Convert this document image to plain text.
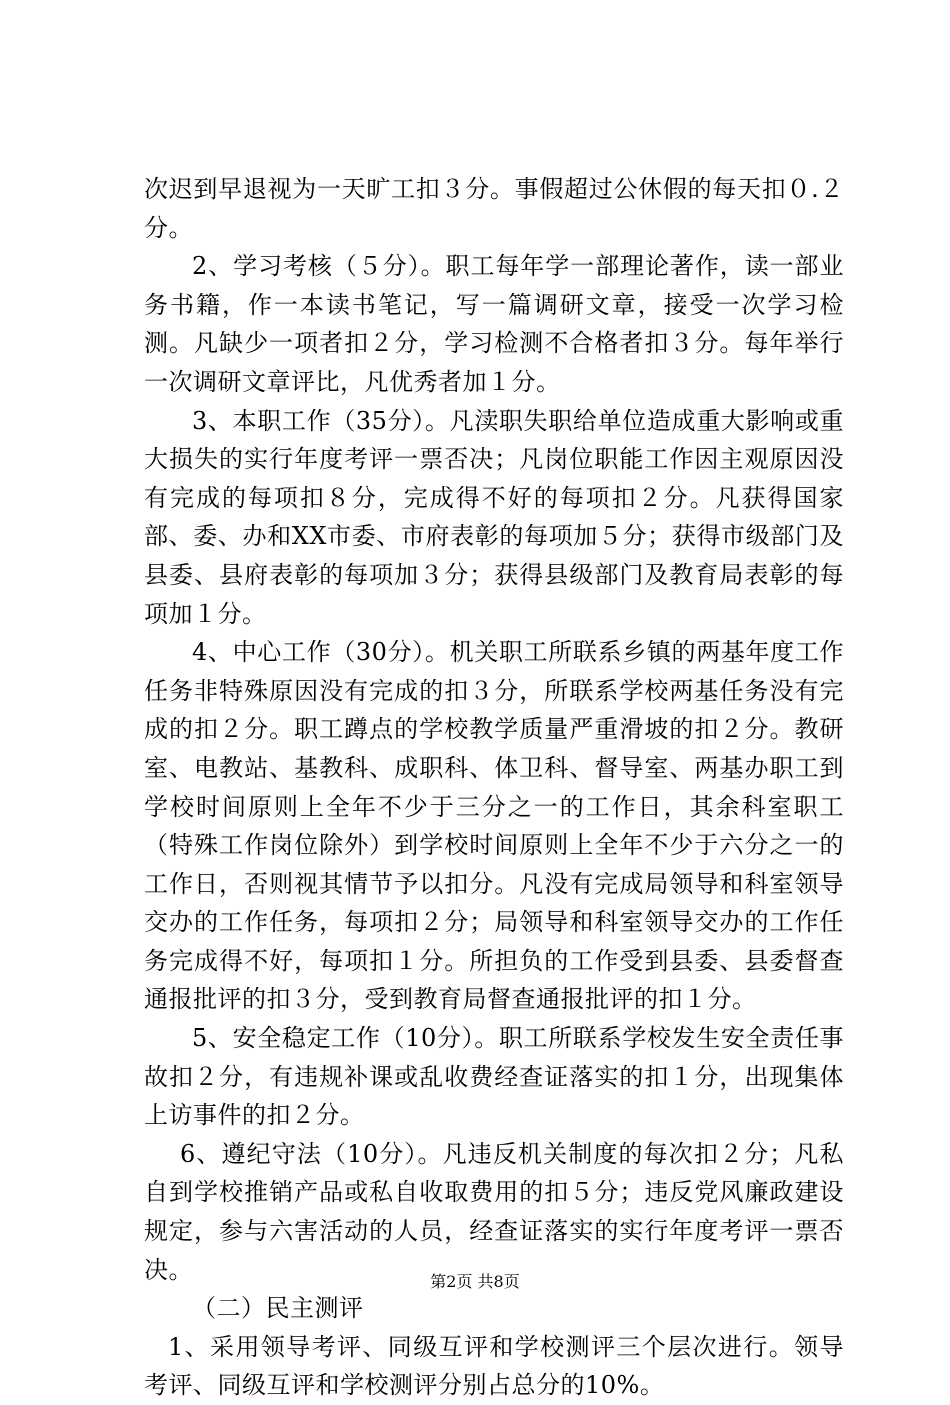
次迟到早退视为一天旷工扣３分。事假超过公休假的每天扣０.２分。

2、学习考核（５分）。职工每年学一部理论著作，读一部业务书籍，作一本读书笔记，写一篇调研文章，接受一次学习检测。凡缺少一项者扣２分，学习检测不合格者扣３分。每年举行一次调研文章评比，凡优秀者加１分。

3、本职工作（35分）。凡渎职失职给单位造成重大影响或重大损失的实行年度考评一票否决；凡岗位职能工作因主观原因没有完成的每项扣８分，完成得不好的每项扣２分。凡获得国家部、委、办和XX市委、市府表彰的每项加５分；获得市级部门及县委、县府表彰的每项加３分；获得县级部门及教育局表彰的每项加１分。

4、中心工作（30分）。机关职工所联系乡镇的两基年度工作任务非特殊原因没有完成的扣３分，所联系学校两基任务没有完成的扣２分。职工蹲点的学校教学质量严重滑坡的扣２分。教研室、电教站、基教科、成职科、体卫科、督导室、两基办职工到学校时间原则上全年不少于三分之一的工作日，其余科室职工（特殊工作岗位除外）到学校时间原则上全年不少于六分之一的工作日，否则视其情节予以扣分。凡没有完成局领导和科室领导交办的工作任务，每项扣２分；局领导和科室领导交办的工作任务完成得不好，每项扣１分。所担负的工作受到县委、县委督查通报批评的扣３分，受到教育局督查通报批评的扣１分。

5、安全稳定工作（10分）。职工所联系学校发生安全责任事故扣２分，有违规补课或乱收费经查证落实的扣１分，出现集体上访事件的扣２分。

6、遵纪守法（10分）。凡违反机关制度的每次扣２分；凡私自到学校推销产品或私自收取费用的扣５分；违反党风廉政建设规定，参与六害活动的人员，经查证落实的实行年度考评一票否决。

（二）民主测评

1、采用领导考评、同级互评和学校测评三个层次进行。领导考评、同级互评和学校测评分别占总分的10%。

第2页 共8页
